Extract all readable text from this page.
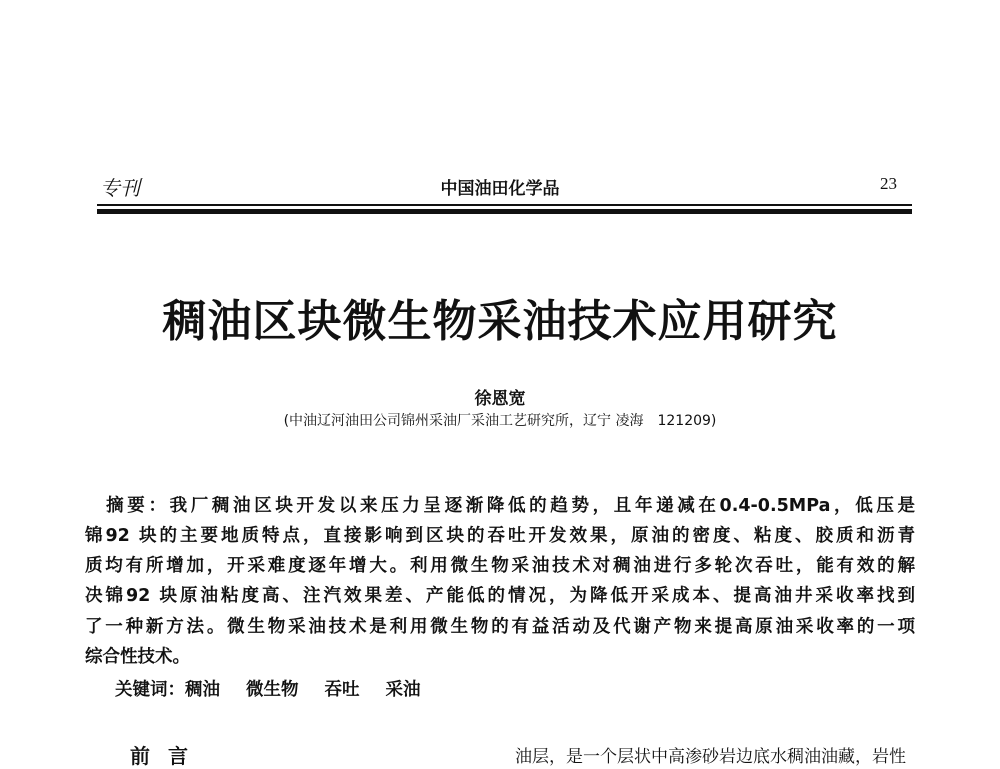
专刊	中国油田化学品	23
稠油区块微生物采油技术应用研究
徐恩宽
(中油辽河油田公司锦州采油厂采油工艺研究所，辽宁 凌海　121209)
　摘要：我厂稠油区块开发以来压力呈逐渐降低的趋势，且年递减在0.4-0.5MPa，低压是
锦92 块的主要地质特点，直接影响到区块的吞吐开发效果，原油的密度、粘度、胶质和沥青
质均有所增加，开采难度逐年增大。利用微生物采油技术对稠油进行多轮次吞吐，能有效的解
决锦92 块原油粘度高、注汽效果差、产能低的情况，为降低开采成本、提高油井采收率找到
了一种新方法。微生物采油技术是利用微生物的有益活动及代谢产物来提高原油采收率的一项
综合性技术。
关键词：稠油 微生物 吞吐 采油
前言	油层，是一个层状中高渗砂岩边底水稠油油藏，岩性
